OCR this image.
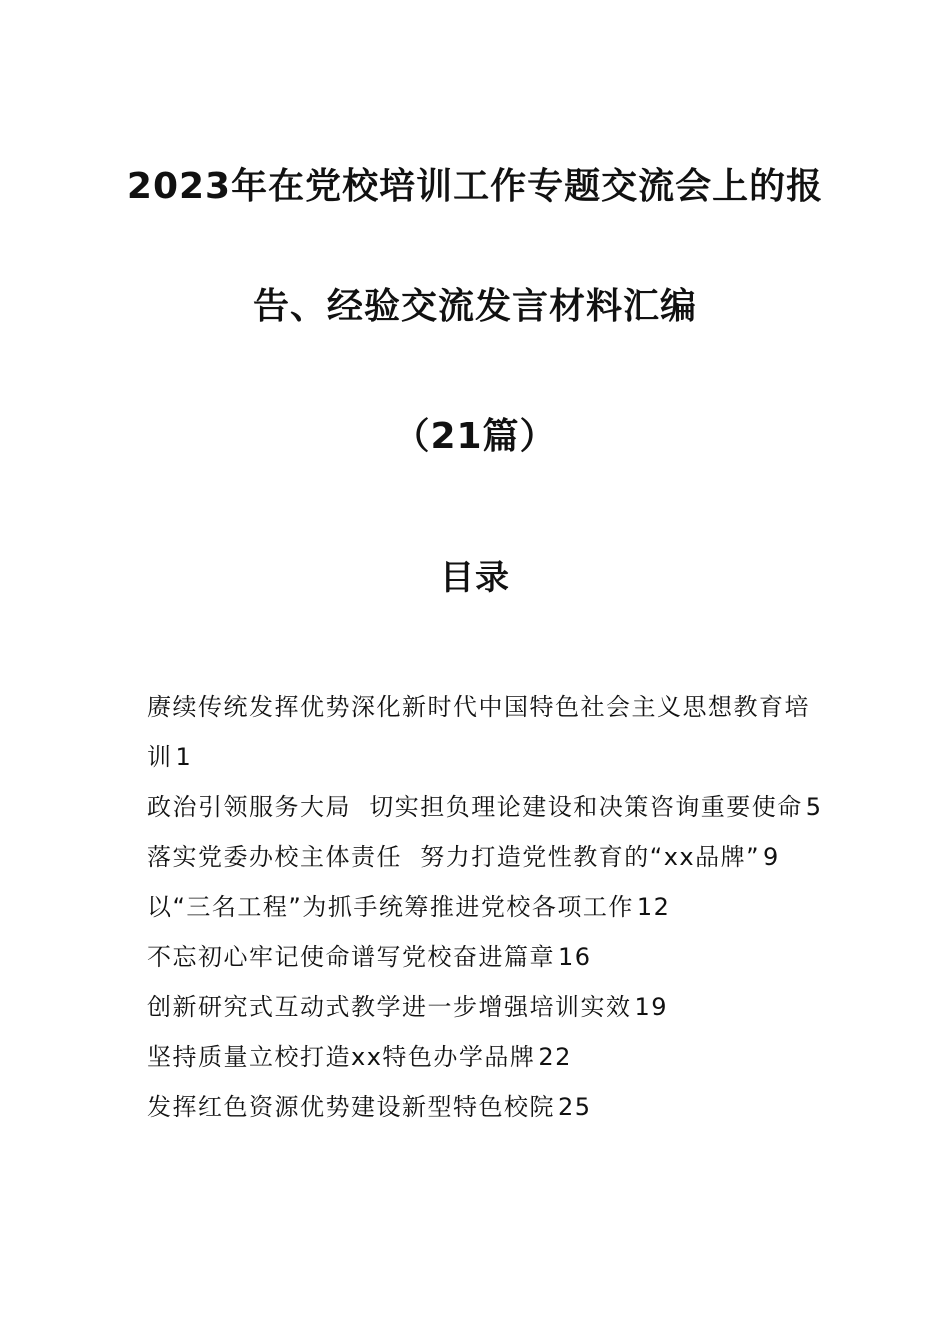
2023年在党校培训工作专题交流会上的报
告、经验交流发言材料汇编
（21篇）
目录
赓续传统发挥优势深化新时代中国特色社会主义思想教育培训 1
政治引领服务大局  切实担负理论建设和决策咨询重要使命 5
落实党委办校主体责任  努力打造党性教育的“xx品牌” 9
以“三名工程”为抓手统筹推进党校各项工作 12
不忘初心牢记使命谱写党校奋进篇章 16
创新研究式互动式教学进一步增强培训实效 19
坚持质量立校打造xx特色办学品牌 22
发挥红色资源优势建设新型特色校院 25
